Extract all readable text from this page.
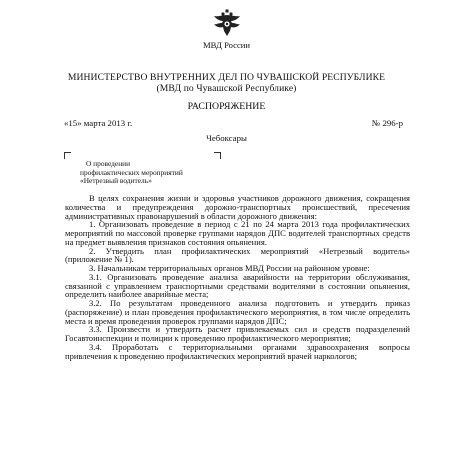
МВД России
МИНИСТЕРСТВО ВНУТРЕННИХ ДЕЛ ПО ЧУВАШСКОЙ РЕСПУБЛИКЕ
(МВД по Чувашской Республике)
РАСПОРЯЖЕНИЕ
«15» марта 2013 г.	№ 296-р
Чебоксары
О проведении
профилактических мероприятий
«Нетрезвый водитель»

В целях сохранения жизни и здоровья участников дорожного движения, сокращения количества и предупреждения дорожно-транспортных происшествий, пресечения административных правонарушений в области дорожного движения:

1. Организовать проведение в период с 21 по 24 марта 2013 года профилактических мероприятий по массовой проверке группами нарядов ДПС водителей транспортных средств на предмет выявления признаков состояния опьянения.

2. Утвердить план профилактических мероприятий «Нетрезвый водитель» (приложение № 1).

3. Начальникам территориальных органов МВД России на районном уровне:

3.1. Организовать проведение анализа аварийности на территории обслуживания, связанной с управлением транспортными средствами водителями в состоянии опьянения, определить наиболее аварийные места;

3.2. По результатам проведенного анализа подготовить и утвердить приказ (распоряжение) и план проведения профилактического мероприятия, в том числе определить места и время проведения проверок группами нарядов ДПС;

3.3. Произвести и утвердить расчет привлекаемых сил и средств подразделений Госавтоинспекции и полиции к проведению профилактического мероприятия;

3.4. Проработать с территориальными органами здравоохранения вопросы привлечения к проведению профилактических мероприятий врачей наркологов;
